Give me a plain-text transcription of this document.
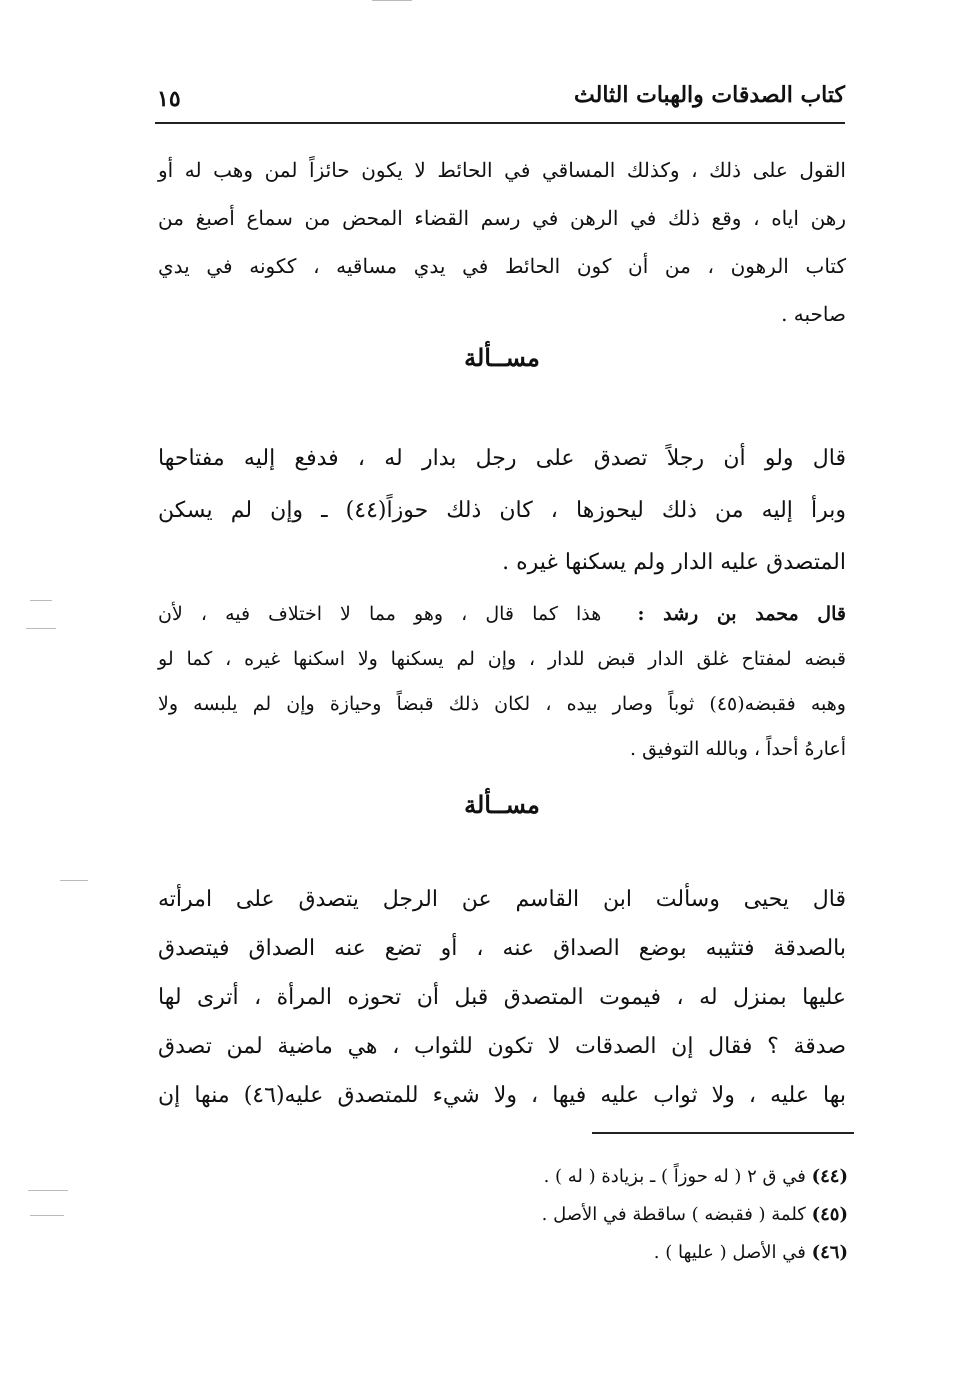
كتاب الصدقات والهبات الثالث
١٥
القول على ذلك ، وكذلك المساقي في الحائط لا يكون حائزاً لمن وهب له أو
رهن اياه ، وقع ذلك في الرهن في رسم القضاء المحض من سماع أصبغ من
كتاب الرهون ، من أن كون الحائط في يدي مساقيه ، ككونه في يدي
صاحبه .
مســألة
قال ولو أن رجلاً تصدق على رجل بدار له ، فدفع إليه مفتاحها
وبرأ إليه من ذلك ليحوزها ، كان ذلك حوزاً(٤٤) ـ وإن لم يسكن
المتصدق عليه الدار ولم يسكنها غيره .
قال محمد بن رشد :  هذا كما قال ، وهو مما لا اختلاف فيه ، لأن
قبضه لمفتاح غلق الدار قبض للدار ، وإن لم يسكنها ولا اسكنها غيره ، كما لو
وهبه فقبضه(٤٥) ثوباً وصار بيده ، لكان ذلك قبضاً وحيازة وإن لم يلبسه ولا
أعارهُ أحداً ، وبالله التوفيق .
مســألة
قال يحيى وسألت ابن القاسم عن الرجل يتصدق على امرأته
بالصدقة فتثيبه بوضع الصداق عنه ، أو تضع عنه الصداق فيتصدق
عليها بمنزل له ، فيموت المتصدق قبل أن تحوزه المرأة ، أترى لها
صدقة ؟ فقال إن الصدقات لا تكون للثواب ، هي ماضية لمن تصدق
بها عليه ، ولا ثواب عليه فيها ، ولا شيء للمتصدق عليه(٤٦) منها إن
(٤٤) في ق ٢ ( له حوزاً ) ـ بزيادة ( له ) .
(٤٥) كلمة ( فقبضه ) ساقطة في الأصل .
(٤٦) في الأصل ( عليها ) .
